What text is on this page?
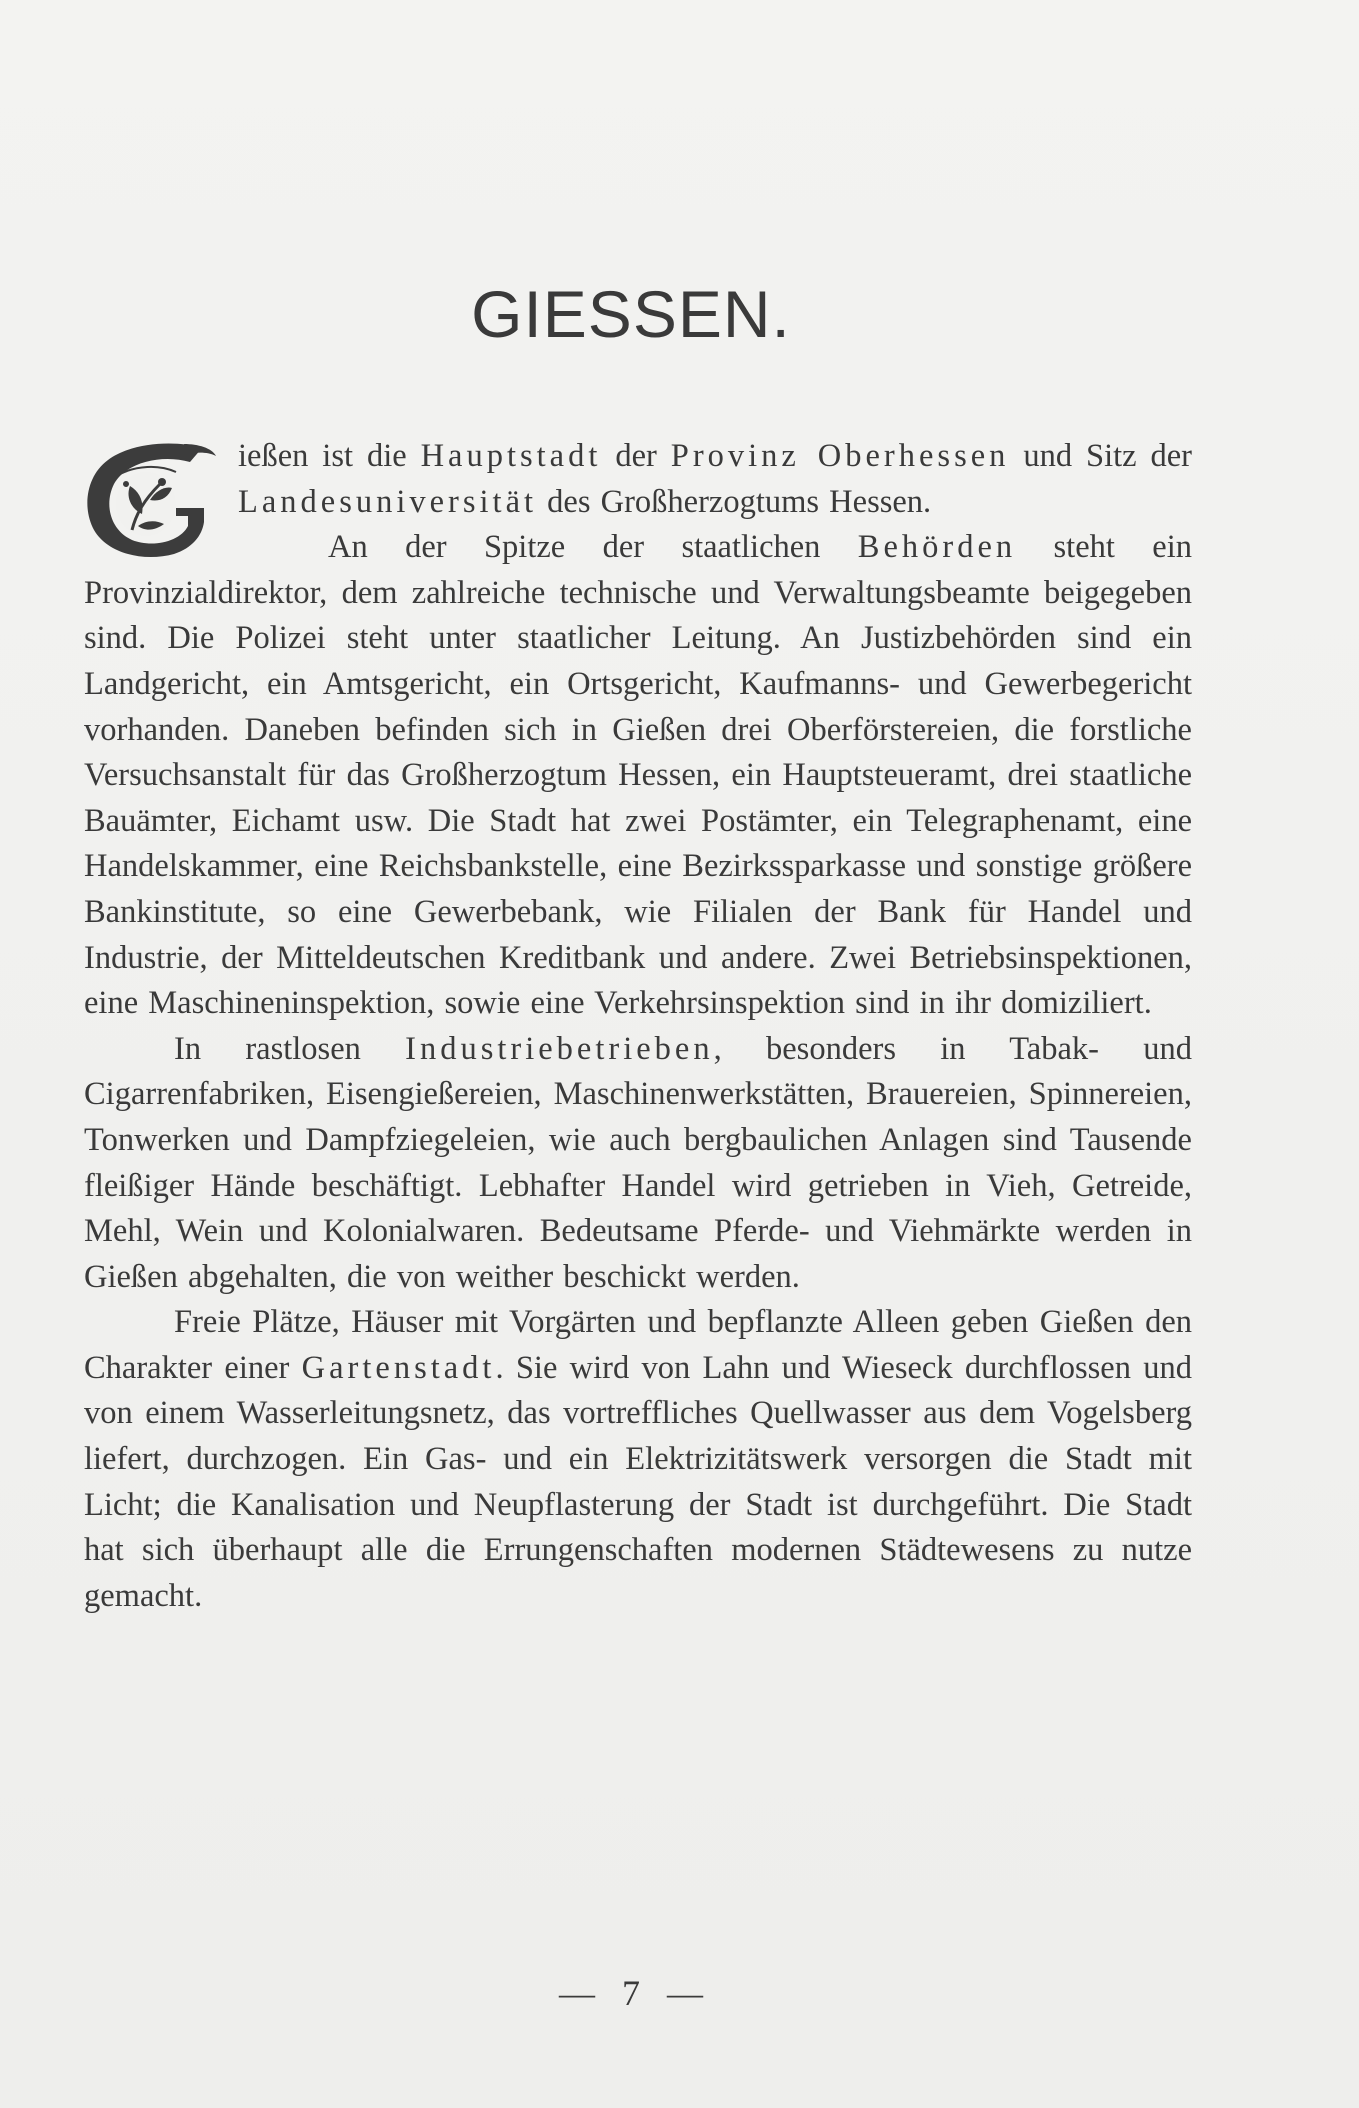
GIESSEN.

ießen ist die Hauptstadt der Provinz Oberhessen und Sitz der Landesuniversität des Großherzogtums Hessen.

An der Spitze der staatlichen Behörden steht ein Provinzialdirektor, dem zahlreiche technische und Verwaltungsbeamte beigegeben sind. Die Polizei steht unter staatlicher Leitung. An Justizbehörden sind ein Landgericht, ein Amtsgericht, ein Ortsgericht, Kaufmanns- und Gewerbegericht vorhanden. Daneben befinden sich in Gießen drei Oberförstereien, die forstliche Versuchsanstalt für das Großherzogtum Hessen, ein Hauptsteueramt, drei staatliche Bauämter, Eichamt usw. Die Stadt hat zwei Postämter, ein Telegraphenamt, eine Handelskammer, eine Reichsbankstelle, eine Bezirkssparkasse und sonstige größere Bankinstitute, so eine Gewerbebank, wie Filialen der Bank für Handel und Industrie, der Mitteldeutschen Kreditbank und andere. Zwei Betriebsinspektionen, eine Maschineninspektion, sowie eine Verkehrsinspektion sind in ihr domiziliert.

In rastlosen Industriebetrieben, besonders in Tabak- und Cigarrenfabriken, Eisengießereien, Maschinenwerkstätten, Brauereien, Spinnereien, Tonwerken und Dampfziegeleien, wie auch bergbaulichen Anlagen sind Tausende fleißiger Hände beschäftigt. Lebhafter Handel wird getrieben in Vieh, Getreide, Mehl, Wein und Kolonialwaren. Bedeutsame Pferde- und Viehmärkte werden in Gießen abgehalten, die von weither beschickt werden.

Freie Plätze, Häuser mit Vorgärten und bepflanzte Alleen geben Gießen den Charakter einer Gartenstadt. Sie wird von Lahn und Wieseck durchflossen und von einem Wasserleitungsnetz, das vortreffliches Quellwasser aus dem Vogelsberg liefert, durchzogen. Ein Gas- und ein Elektrizitätswerk versorgen die Stadt mit Licht; die Kanalisation und Neupflasterung der Stadt ist durchgeführt. Die Stadt hat sich überhaupt alle die Errungenschaften modernen Städtewesens zu nutze gemacht.

— 7 —
